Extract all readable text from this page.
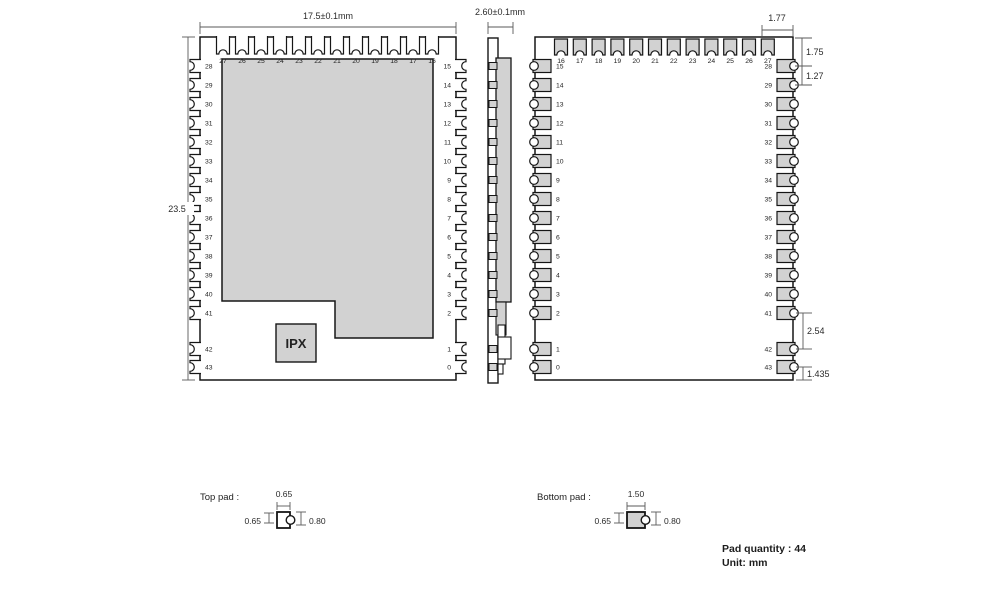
27 26 25 24 23 22 21 20 19 18 17 16
28
29
30
31
32
33
34
35
36
37
38
39
40
41
42
43
15
14
13
12
11
10
9
8
7
6
5
4
3
2
1
0
16 17 18 19 20 21 22 23 24 25 26 27
15
14
13
12
11
10
9
8
7
6
5
4
3
2
1
0
28
29
30
31
32
33
34
35
36
37
38
39
40
41
42
43
17.5±0.1mm
23.5
IPX
2.60±0.1mm
1.77
1.75
1.27
2.54
1.435
Top pad :	0.65
0.65	0.80
Bottom pad :	1.50
0.65	0.80
Pad quantity : 44
Unit: mm
